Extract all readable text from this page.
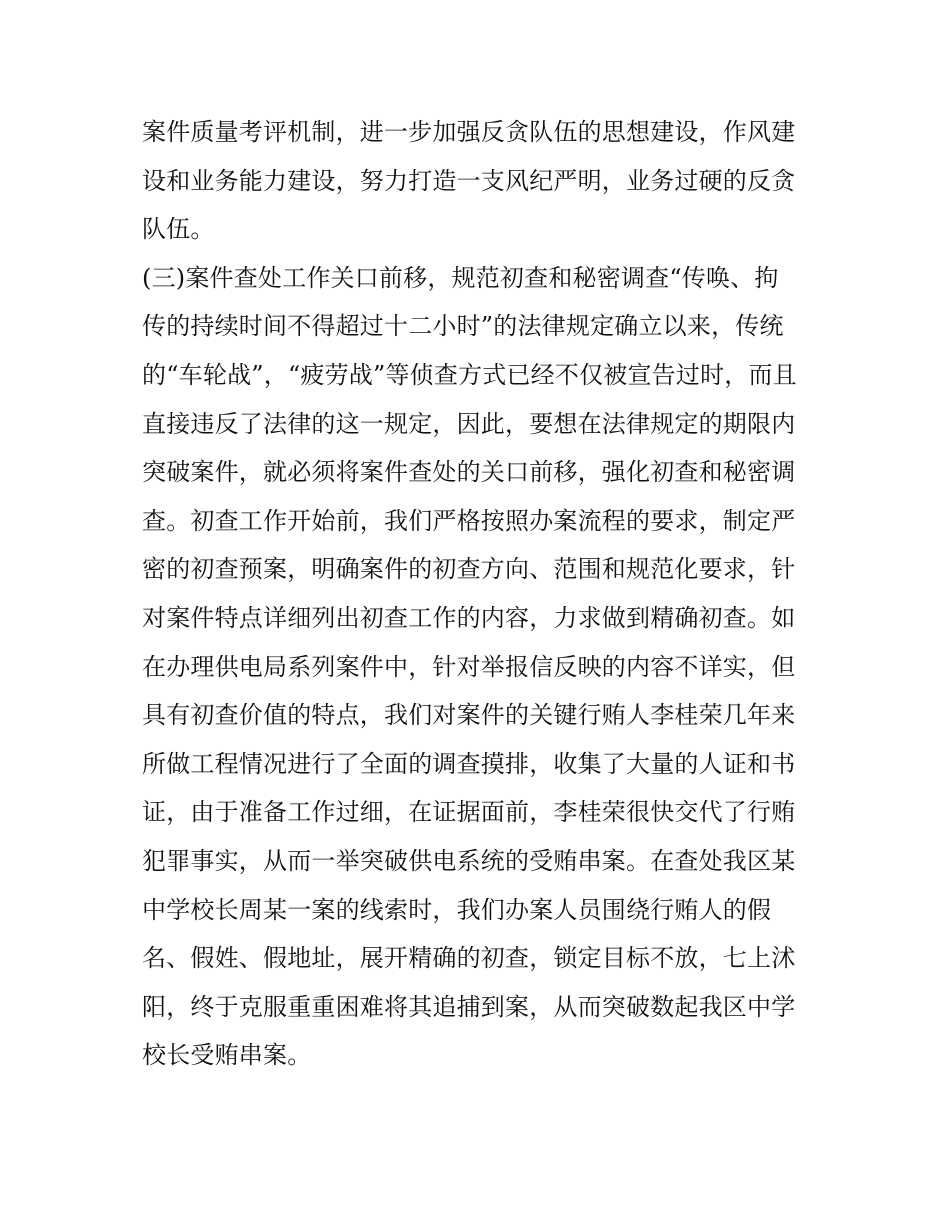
案件质量考评机制，进一步加强反贪队伍的思想建设，作风建
设和业务能力建设，努力打造一支风纪严明，业务过硬的反贪
队伍。
(三)案件查处工作关口前移，规范初查和秘密调查“传唤、拘
传的持续时间不得超过十二小时”的法律规定确立以来，传统
的“车轮战”，“疲劳战”等侦查方式已经不仅被宣告过时，而且
直接违反了法律的这一规定，因此，要想在法律规定的期限内
突破案件，就必须将案件查处的关口前移，强化初查和秘密调
查。初查工作开始前，我们严格按照办案流程的要求，制定严
密的初查预案，明确案件的初查方向、范围和规范化要求，针
对案件特点详细列出初查工作的内容，力求做到精确初查。如
在办理供电局系列案件中，针对举报信反映的内容不详实，但
具有初查价值的特点，我们对案件的关键行贿人李桂荣几年来
所做工程情况进行了全面的调查摸排，收集了大量的人证和书
证，由于准备工作过细，在证据面前，李桂荣很快交代了行贿
犯罪事实，从而一举突破供电系统的受贿串案。在查处我区某
中学校长周某一案的线索时，我们办案人员围绕行贿人的假
名、假姓、假地址，展开精确的初查，锁定目标不放，七上沭
阳，终于克服重重困难将其追捕到案，从而突破数起我区中学
校长受贿串案。
